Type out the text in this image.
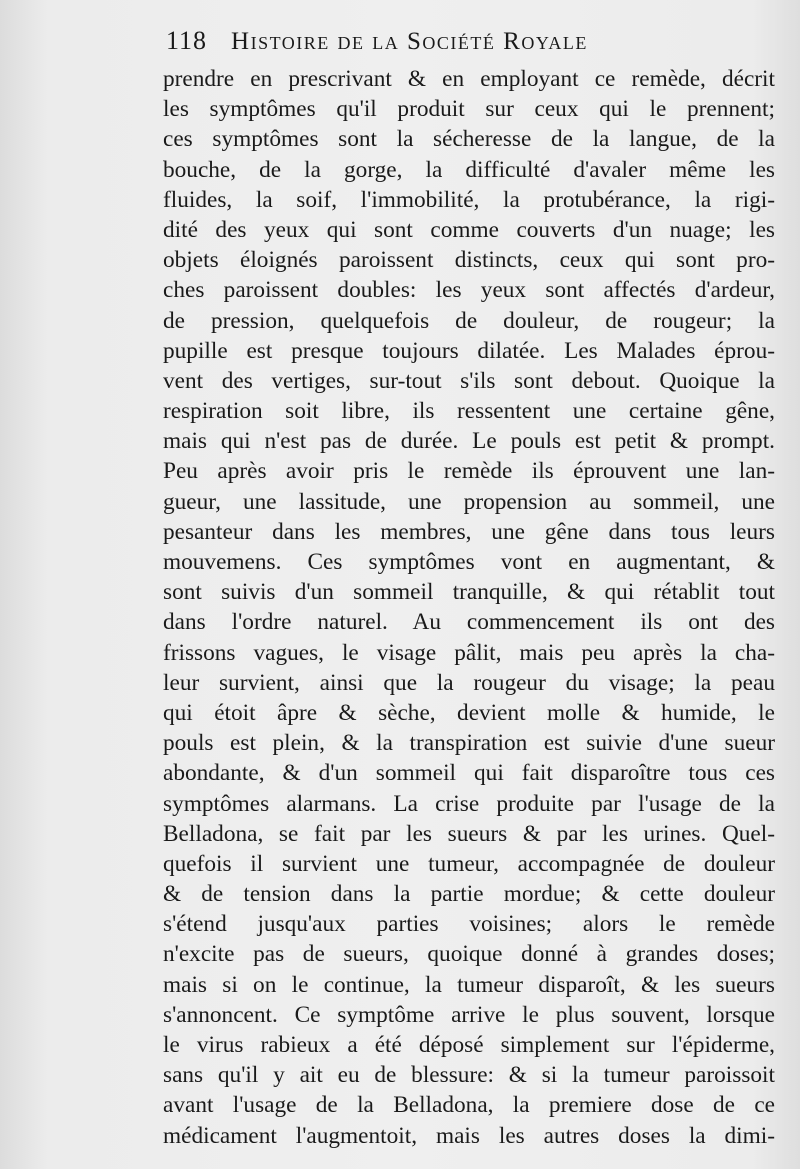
118 Histoire de la Société Royale
prendre en prescrivant & en employant ce remède, décrit
les symptômes qu'il produit sur ceux qui le prennent;
ces symptômes sont la sécheresse de la langue, de la
bouche, de la gorge, la difficulté d'avaler même les
fluides, la soif, l'immobilité, la protubérance, la rigi-
dité des yeux qui sont comme couverts d'un nuage; les
objets éloignés paroissent distincts, ceux qui sont pro-
ches paroissent doubles: les yeux sont affectés d'ardeur,
de pression, quelquefois de douleur, de rougeur; la
pupille est presque toujours dilatée. Les Malades éprou-
vent des vertiges, sur-tout s'ils sont debout. Quoique la
respiration soit libre, ils ressentent une certaine gêne,
mais qui n'est pas de durée. Le pouls est petit & prompt.
Peu après avoir pris le remède ils éprouvent une lan-
gueur, une lassitude, une propension au sommeil, une
pesanteur dans les membres, une gêne dans tous leurs
mouvemens. Ces symptômes vont en augmentant, &
sont suivis d'un sommeil tranquille, & qui rétablit tout
dans l'ordre naturel. Au commencement ils ont des
frissons vagues, le visage pâlit, mais peu après la cha-
leur survient, ainsi que la rougeur du visage; la peau
qui étoit âpre & sèche, devient molle & humide, le
pouls est plein, & la transpiration est suivie d'une sueur
abondante, & d'un sommeil qui fait disparoître tous ces
symptômes alarmans. La crise produite par l'usage de la
Belladona, se fait par les sueurs & par les urines. Quel-
quefois il survient une tumeur, accompagnée de douleur
& de tension dans la partie mordue; & cette douleur
s'étend jusqu'aux parties voisines; alors le remède
n'excite pas de sueurs, quoique donné à grandes doses;
mais si on le continue, la tumeur disparoît, & les sueurs
s'annoncent. Ce symptôme arrive le plus souvent, lorsque
le virus rabieux a été déposé simplement sur l'épiderme,
sans qu'il y ait eu de blessure: & si la tumeur paroissoit
avant l'usage de la Belladona, la premiere dose de ce
médicament l'augmentoit, mais les autres doses la dimi-
